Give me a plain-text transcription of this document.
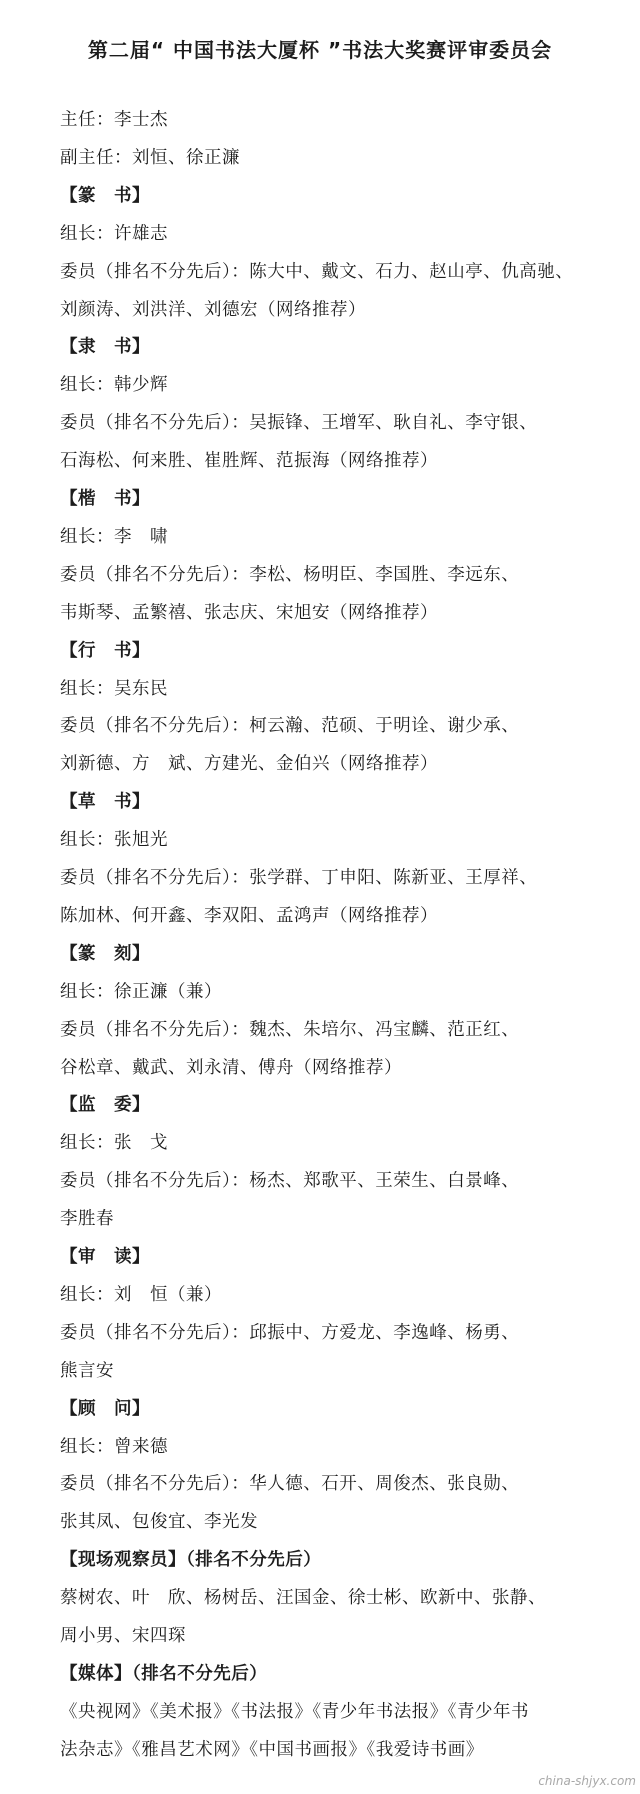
第二届“ 中国书法大厦杯 ”书法大奖赛评审委员会
主任：李士杰
副主任：刘恒、徐正濂
【篆　书】
组长：许雄志
委员（排名不分先后）：陈大中、戴文、石力、赵山亭、仇高驰、
刘颜涛、刘洪洋、刘德宏（网络推荐）
【隶　书】
组长：韩少辉
委员（排名不分先后）：吴振锋、王增军、耿自礼、李守银、
石海松、何来胜、崔胜辉、范振海（网络推荐）
【楷　书】
组长：李　啸
委员（排名不分先后）：李松、杨明臣、李国胜、李远东、
韦斯琴、孟繁禧、张志庆、宋旭安（网络推荐）
【行　书】
组长：吴东民
委员（排名不分先后）：柯云瀚、范硕、于明诠、谢少承、
刘新德、方　斌、方建光、金伯兴（网络推荐）
【草　书】
组长：张旭光
委员（排名不分先后）：张学群、丁申阳、陈新亚、王厚祥、
陈加林、何开鑫、李双阳、孟鸿声（网络推荐）
【篆　刻】
组长：徐正濂（兼）
委员（排名不分先后）：魏杰、朱培尔、冯宝麟、范正红、
谷松章、戴武、刘永清、傅舟（网络推荐）
【监　委】
组长：张　戈
委员（排名不分先后）：杨杰、郑歌平、王荣生、白景峰、
李胜春
【审　读】
组长：刘　恒（兼）
委员（排名不分先后）：邱振中、方爱龙、李逸峰、杨勇、
熊言安
【顾　问】
组长：曾来德
委员（排名不分先后）：华人德、石开、周俊杰、张良勋、
张其凤、包俊宜、李光发
【现场观察员】（排名不分先后）
蔡树农、叶　欣、杨树岳、汪国金、徐士彬、欧新中、张静、
周小男、宋四琛
【媒体】（排名不分先后）
《央视网》《美术报》《书法报》《青少年书法报》《青少年书
法杂志》《雅昌艺术网》《中国书画报》《我爱诗书画》
china-shjyx.com
